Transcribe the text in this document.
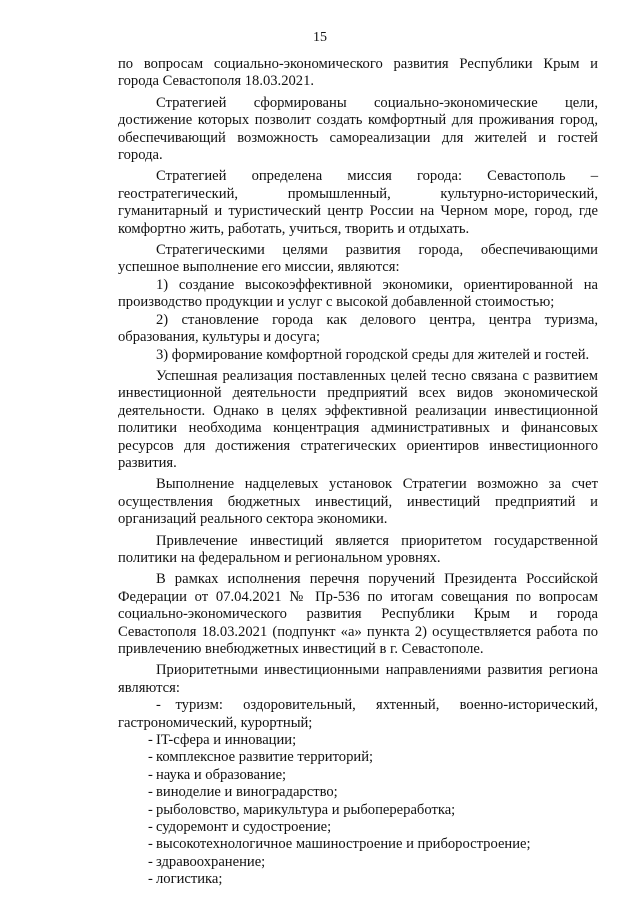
15

по вопросам социально-экономического развития Республики Крым и города Севастополя 18.03.2021.

Стратегией сформированы социально-экономические цели, достижение которых позволит создать комфортный для проживания город, обеспечивающий возможность самореализации для жителей и гостей города.

Стратегией определена миссия города: Севастополь – геостратегический, промышленный, культурно-исторический, гуманитарный и туристический центр России на Черном море, город, где комфортно жить, работать, учиться, творить и отдыхать.

Стратегическими целями развития города, обеспечивающими успешное выполнение его миссии, являются:

1) создание высокоэффективной экономики, ориентированной на производство продукции и услуг с высокой добавленной стоимостью;

2) становление города как делового центра, центра туризма, образования, культуры и досуга;

3) формирование комфортной городской среды для жителей и гостей.

Успешная реализация поставленных целей тесно связана с развитием инвестиционной деятельности предприятий всех видов экономической деятельности. Однако в целях эффективной реализации инвестиционной политики необходима концентрация административных и финансовых ресурсов для достижения стратегических ориентиров инвестиционного развития.

Выполнение надцелевых установок Стратегии возможно за счет осуществления бюджетных инвестиций, инвестиций предприятий и организаций реального сектора экономики.

Привлечение инвестиций является приоритетом государственной политики на федеральном и региональном уровнях.

В рамках исполнения перечня поручений Президента Российской Федерации от 07.04.2021 № Пр-536 по итогам совещания по вопросам социально-экономического развития Республики Крым и города Севастополя 18.03.2021 (подпункт «а» пункта 2) осуществляется работа по привлечению внебюджетных инвестиций в г. Севастополе.

Приоритетными инвестиционными направлениями развития региона являются:

- туризм: оздоровительный, яхтенный, военно-исторический, гастрономический, курортный;
- IT-сфера и инновации;
- комплексное развитие территорий;
- наука и образование;
- виноделие и виноградарство;
- рыболовство, марикультура и рыбопереработка;
- судоремонт и судостроение;
- высокотехнологичное машиностроение и приборостроение;
- здравоохранение;
- логистика;
